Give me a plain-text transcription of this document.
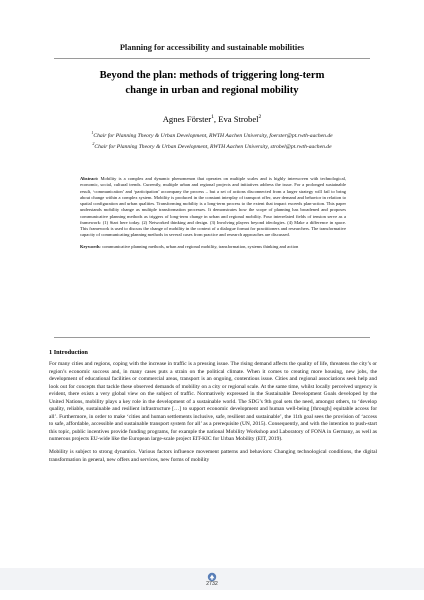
Planning for accessibility and sustainable mobilities
Beyond the plan: methods of triggering long-term
change in urban and regional mobility
Agnes Förster$^1$, Eva Strobel$^2$
$^1$Chair for Planning Theory & Urban Development, RWTH Aachen University, foerster@pt.rwth-aachen.de
$^2$Chair for Planning Theory & Urban Development, RWTH Aachen University, strobel@pt.rwth-aachen.de
Abstract: Mobility is a complex and dynamic phenomenon that operates on multiple scales and is highly interwoven with technological, economic, social, cultural trends. Currently, multiple urban and regional projects and initiatives address the issue. For a prolonged sustainable result, ‘communication’ and ‘participation’ accompany the process – but a set of actions disconnected from a larger strategy will fail to bring about change within a complex system. Mobility is produced in the constant interplay of transport offer, user demand and behavior in relation to spatial configuration and urban qualities. Transforming mobility is a long-term process to the extent that impact exceeds plan-action. This paper understands mobility change as multiple transformation processes. It demonstrates how the scope of planning has broadened and proposes communicative planning methods as triggers of long-term change in urban and regional mobility. Four interrelated fields of tension serve as a framework: (1) Start here today. (2) Networked thinking and design. (3) Involving players beyond ideologies. (4) Make a difference in space. This framework is used to discuss the change of mobility in the context of a dialogue format for practitioners and researchers. The transformative capacity of communicating planning methods in several cases from practice and research approaches are discussed.
Keywords: communicative planning methods, urban and regional mobility, transformation, systems thinking and action
1 Introduction

For many cities and regions, coping with the increase in traffic is a pressing issue. The rising demand affects the quality of life, threatens the city’s or region’s economic success and, in many cases puts a strain on the political climate. When it comes to creating more housing, new jobs, the development of educational facilities or commercial areas, transport is an ongoing, contentious issue. Cities and regional associations seek help and look out for concepts that tackle these observed demands of mobility on a city or regional scale. At the same time, whilst locally perceived urgency is evident, there exists a very global view on the subject of traffic. Normatively expressed in the Sustainable Development Goals developed by the United Nations, mobility plays a key role in the development of a sustainable world. The SDG’s 9th goal sets the need, amongst others, to ‘develop quality, reliable, sustainable and resilient infrastructure […] to support economic development and human well-being [through] equitable access for all’. Furthermore, in order to make ‘cities and human settlements inclusive, safe, resilient and sustainable’, the 11th goal sees the provision of ‘access to safe, affordable, accessible and sustainable transport system for all’ as a prerequisite (UN, 2015). Consequently, and with the intention to push-start this topic, public incentives provide funding programs, for example the national Mobility Workshop and Laboratory of FONA in Germany, as well as numerous projects EU-wide like the European large-scale project EIT-KIC for Urban Mobility (EIT, 2019).

Mobility is subject to strong dynamics. Various factors influence movement patterns and behaviors: Changing technological conditions, the digital transformation in general, new offers and services, new forms of mobility

2732
